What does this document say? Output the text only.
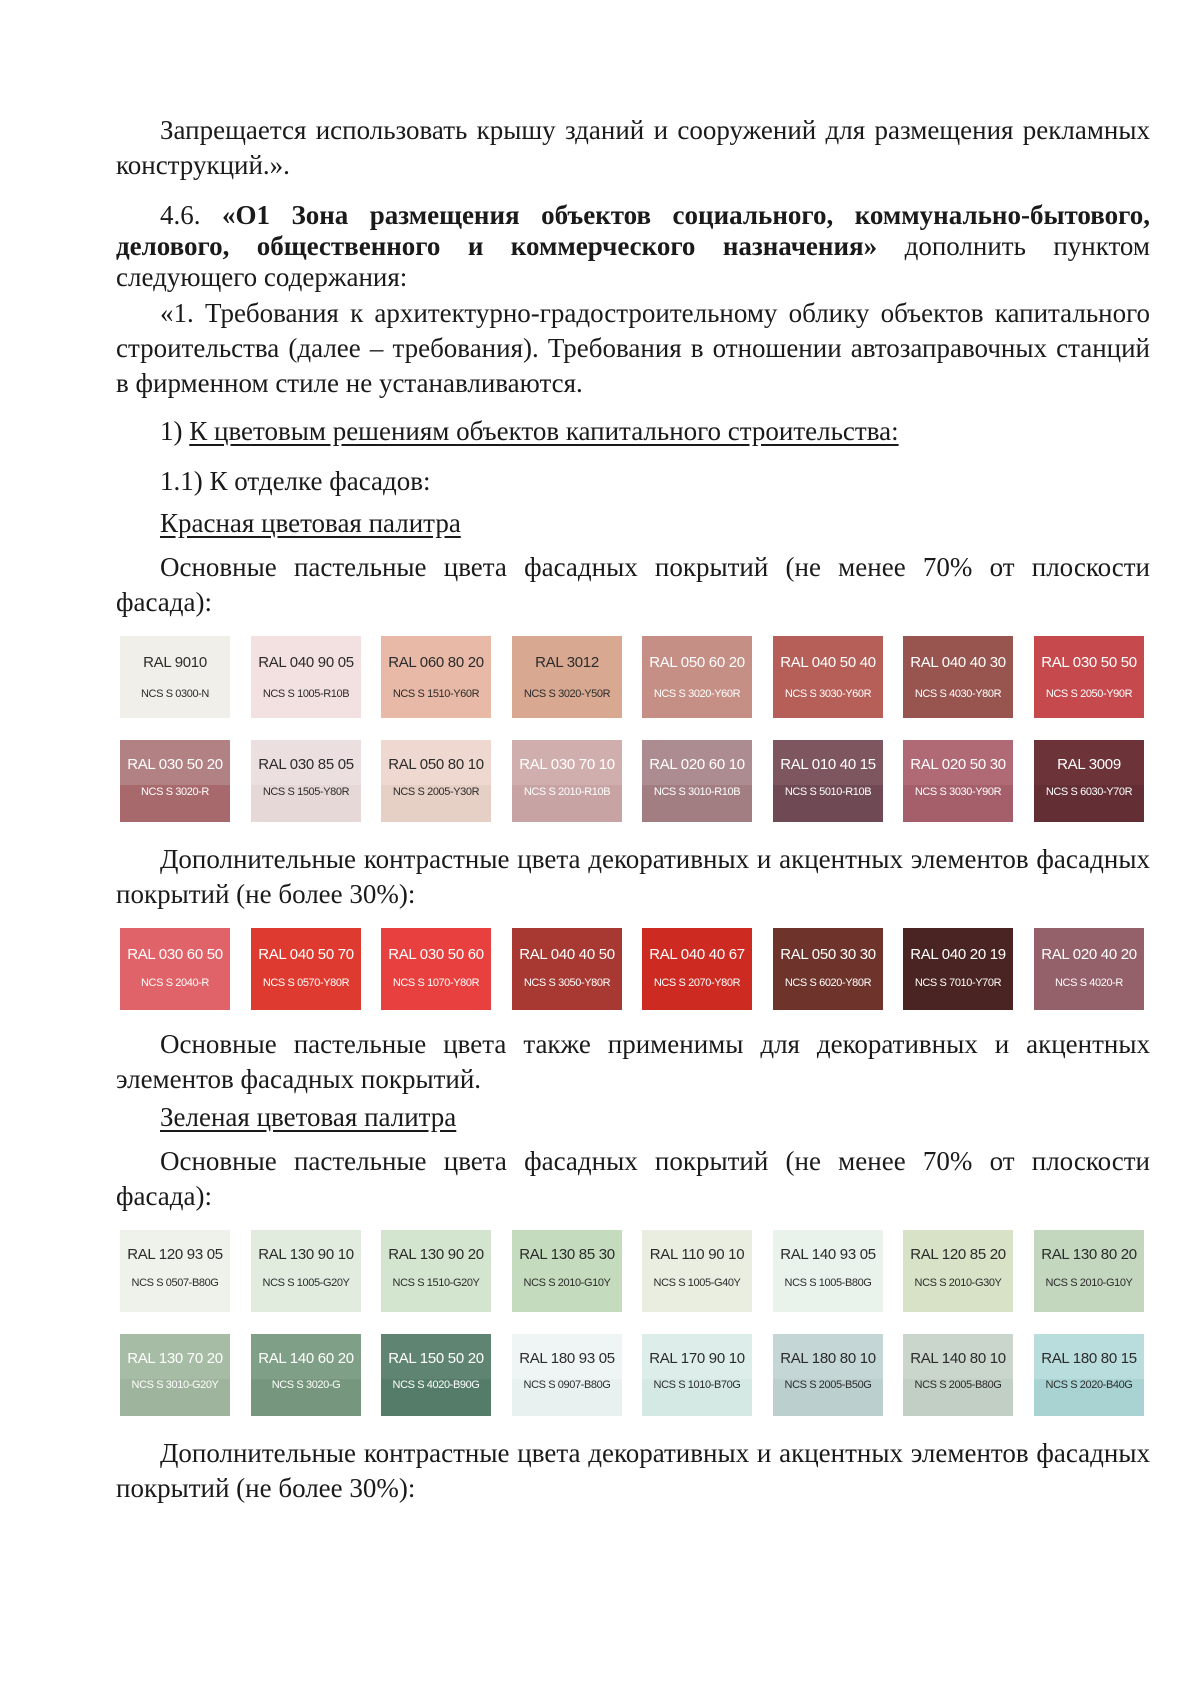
Запрещается использовать крышу зданий и сооружений для размещения рекламных конструкций.».
4.6. «О1 Зона размещения объектов социального, коммунально-бытового, делового, общественного и коммерческого назначения» дополнить пунктом следующего содержания:
«1. Требования к архитектурно-градостроительному облику объектов капитального строительства (далее – требования). Требования в отношении автозаправочных станций в фирменном стиле не устанавливаются.
1) К цветовым решениям объектов капитального строительства:
1.1) К отделке фасадов:
Красная цветовая палитра
Основные пастельные цвета фасадных покрытий (не менее 70% от плоскости фасада):
RAL 9010
NCS S 0300-N
RAL 040 90 05
NCS S 1005-R10B
RAL 060 80 20
NCS S 1510-Y60R
RAL 3012
NCS S 3020-Y50R
RAL 050 60 20
NCS S 3020-Y60R
RAL 040 50 40
NCS S 3030-Y60R
RAL 040 40 30
NCS S 4030-Y80R
RAL 030 50 50
NCS S 2050-Y90R
RAL 030 50 20
NCS S 3020-R
RAL 030 85 05
NCS S 1505-Y80R
RAL 050 80 10
NCS S 2005-Y30R
RAL 030 70 10
NCS S 2010-R10B
RAL 020 60 10
NCS S 3010-R10B
RAL 010 40 15
NCS S 5010-R10B
RAL 020 50 30
NCS S 3030-Y90R
RAL 3009
NCS S 6030-Y70R
Дополнительные контрастные цвета декоративных и акцентных элементов фасадных покрытий (не более 30%):
RAL 030 60 50
NCS S 2040-R
RAL 040 50 70
NCS S 0570-Y80R
RAL 030 50 60
NCS S 1070-Y80R
RAL 040 40 50
NCS S 3050-Y80R
RAL 040 40 67
NCS S 2070-Y80R
RAL 050 30 30
NCS S 6020-Y80R
RAL 040 20 19
NCS S 7010-Y70R
RAL 020 40 20
NCS S 4020-R
Основные пастельные цвета также применимы для декоративных и акцентных элементов фасадных покрытий.
Зеленая цветовая палитра
Основные пастельные цвета фасадных покрытий (не менее 70% от плоскости фасада):
RAL 120 93 05
NCS S 0507-B80G
RAL 130 90 10
NCS S 1005-G20Y
RAL 130 90 20
NCS S 1510-G20Y
RAL 130 85 30
NCS S 2010-G10Y
RAL 110 90 10
NCS S 1005-G40Y
RAL 140 93 05
NCS S 1005-B80G
RAL 120 85 20
NCS S 2010-G30Y
RAL 130 80 20
NCS S 2010-G10Y
RAL 130 70 20
NCS S 3010-G20Y
RAL 140 60 20
NCS S 3020-G
RAL 150 50 20
NCS S 4020-B90G
RAL 180 93 05
NCS S 0907-B80G
RAL 170 90 10
NCS S 1010-B70G
RAL 180 80 10
NCS S 2005-B50G
RAL 140 80 10
NCS S 2005-B80G
RAL 180 80 15
NCS S 2020-B40G
Дополнительные контрастные цвета декоративных и акцентных элементов фасадных покрытий (не более 30%):
